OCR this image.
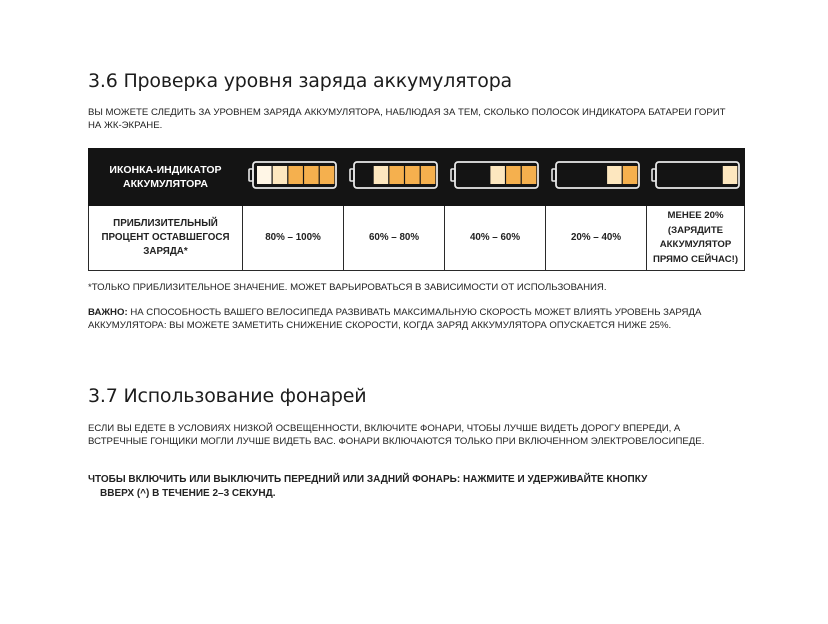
3.6 Проверка уровня заряда аккумулятора
ВЫ МОЖЕТЕ СЛЕДИТЬ ЗА УРОВНЕМ ЗАРЯДА АККУМУЛЯТОРА, НАБЛЮДАЯ ЗА ТЕМ, СКОЛЬКО ПОЛОСОК ИНДИКАТОРА БАТАРЕИ ГОРИТ НА ЖК-ЭКРАНЕ.
ИКОНКА-ИНДИКАТОР АККУМУЛЯТОРА					
ПРИБЛИЗИТЕЛЬНЫЙ ПРОЦЕНТ ОСТАВШЕГОСЯ ЗАРЯДА*	80% – 100%	60% – 80%	40% – 60%	20% – 40%	МЕНЕЕ 20% (ЗАРЯДИТЕ АККУМУЛЯТОР ПРЯМО СЕЙЧАС!)
*ТОЛЬКО ПРИБЛИЗИТЕЛЬНОЕ ЗНАЧЕНИЕ. МОЖЕТ ВАРЬИРОВАТЬСЯ В ЗАВИСИМОСТИ ОТ ИСПОЛЬЗОВАНИЯ.
ВАЖНО: НА СПОСОБНОСТЬ ВАШЕГО ВЕЛОСИПЕДА РАЗВИВАТЬ МАКСИМАЛЬНУЮ СКОРОСТЬ МОЖЕТ ВЛИЯТЬ УРОВЕНЬ ЗАРЯДА АККУМУЛЯТОРА: ВЫ МОЖЕТЕ ЗАМЕТИТЬ СНИЖЕНИЕ СКОРОСТИ, КОГДА ЗАРЯД АККУМУЛЯТОРА ОПУСКАЕТСЯ НИЖЕ 25%.
3.7 Использование фонарей
ЕСЛИ ВЫ ЕДЕТЕ В УСЛОВИЯХ НИЗКОЙ ОСВЕЩЕННОСТИ, ВКЛЮЧИТЕ ФОНАРИ, ЧТОБЫ ЛУЧШЕ ВИДЕТЬ ДОРОГУ ВПЕРЕДИ, А ВСТРЕЧНЫЕ ГОНЩИКИ МОГЛИ ЛУЧШЕ ВИДЕТЬ ВАС. ФОНАРИ ВКЛЮЧАЮТСЯ ТОЛЬКО ПРИ ВКЛЮЧЕННОМ ЭЛЕКТРОВЕЛОСИПЕДЕ.
ЧТОБЫ ВКЛЮЧИТЬ ИЛИ ВЫКЛЮЧИТЬ ПЕРЕДНИЙ ИЛИ ЗАДНИЙ ФОНАРЬ: НАЖМИТЕ И УДЕРЖИВАЙТЕ КНОПКУ
ВВЕРХ (^) В ТЕЧЕНИЕ 2–3 СЕКУНД.
